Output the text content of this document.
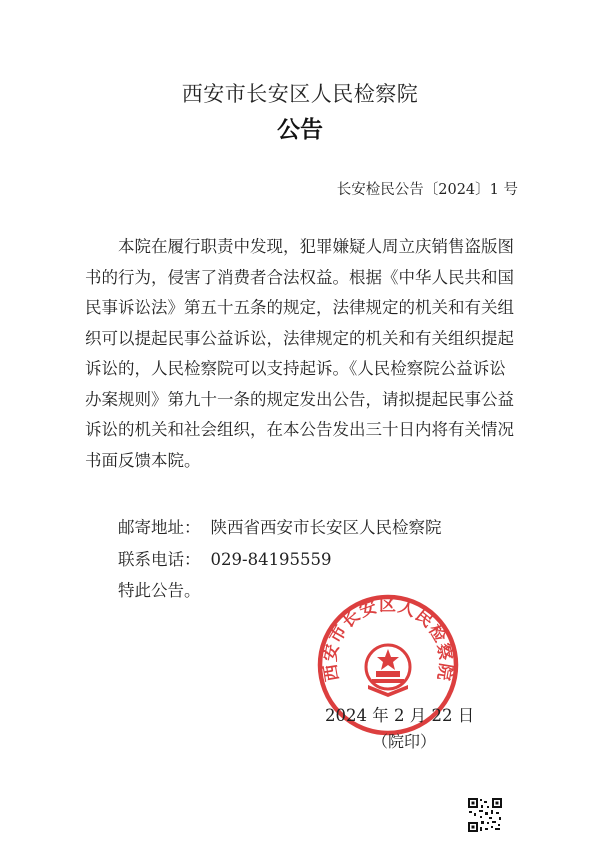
西安市长安区人民检察院
公告
长安检民公告〔2024〕1 号
本院在履行职责中发现，犯罪嫌疑人周立庆销售盗版图
书的行为，侵害了消费者合法权益。根据《中华人民共和国
民事诉讼法》第五十五条的规定，法律规定的机关和有关组
织可以提起民事公益诉讼，法律规定的机关和有关组织提起
诉讼的，人民检察院可以支持起诉。《人民检察院公益诉讼
办案规则》第九十一条的规定发出公告，请拟提起民事公益
诉讼的机关和社会组织，在本公告发出三十日内将有关情况
书面反馈本院。
邮寄地址： 陕西省西安市长安区人民检察院
联系电话： 029-84195559
特此公告。
西安市长安区人民检察院
2024 年 2 月 22 日
（院印）
